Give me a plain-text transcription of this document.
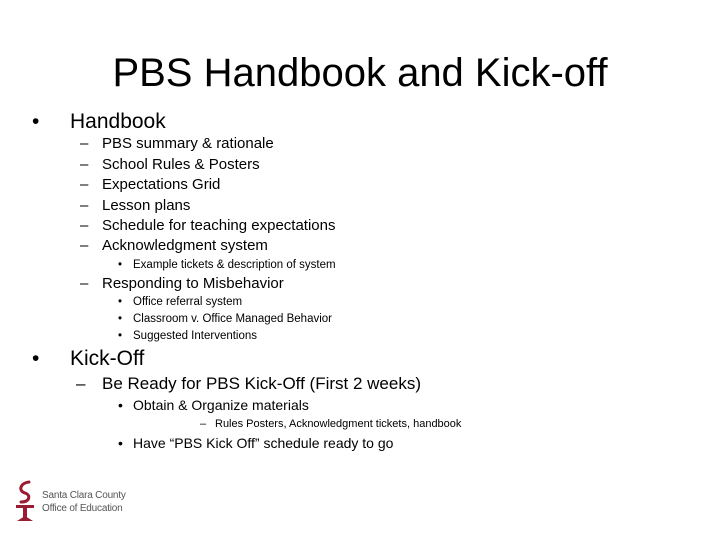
PBS Handbook and Kick-off
• Handbook
– PBS summary & rationale
– School Rules & Posters
– Expectations Grid
– Lesson plans
– Schedule for teaching expectations
– Acknowledgment system
• Example tickets & description of system
– Responding to Misbehavior
• Office referral system
• Classroom v. Office Managed Behavior
• Suggested Interventions
• Kick-Off
– Be Ready for PBS Kick-Off (First 2 weeks)
• Obtain & Organize materials
– Rules Posters, Acknowledgment tickets, handbook
• Have “PBS Kick Off” schedule ready to go
Santa Clara County
Office of Education
